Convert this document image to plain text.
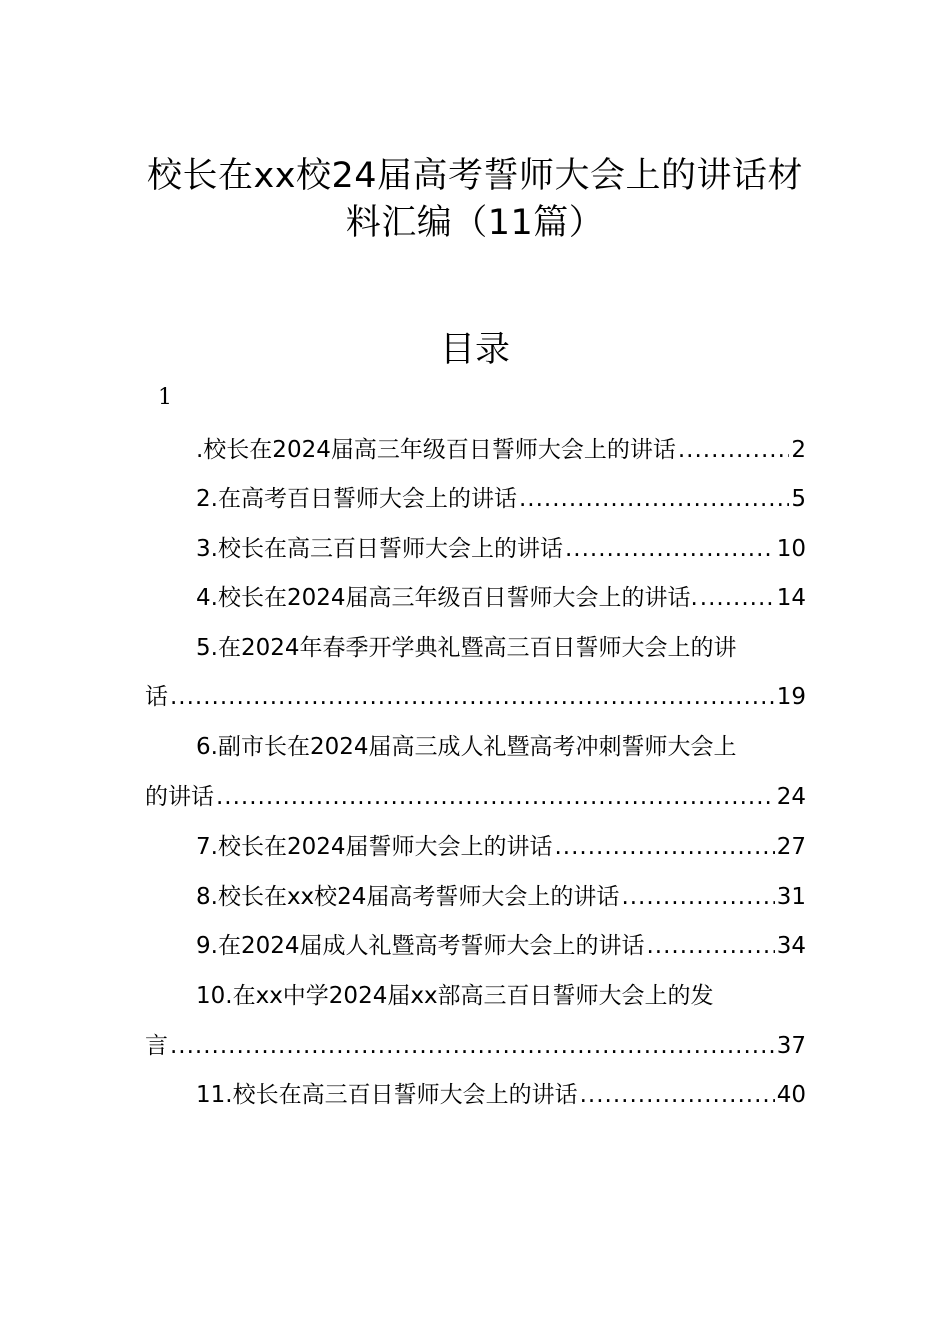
校长在xx校24届高考誓师大会上的讲话材
料汇编（11篇）
目录
1
.校长在2024届高三年级百日誓师大会上的讲话 .....	2
2.在高考百日誓师大会上的讲话 .....	5
3.校长在高三百日誓师大会上的讲话 .....	10
4.校长在2024届高三年级百日誓师大会上的讲话. .....	14
5.在2024年春季开学典礼暨高三百日誓师大会上的讲
话 .....	19
6.副市长在2024届高三成人礼暨高考冲刺誓师大会上
的讲话 .....	24
7.校长在2024届誓师大会上的讲话 .....	27
8.校长在xx校24届高考誓师大会上的讲话 .....	31
9.在2024届成人礼暨高考誓师大会上的讲话 .....	34
10.在xx中学2024届xx部高三百日誓师大会上的发
言 .....	37
11.校长在高三百日誓师大会上的讲话 .....	40
